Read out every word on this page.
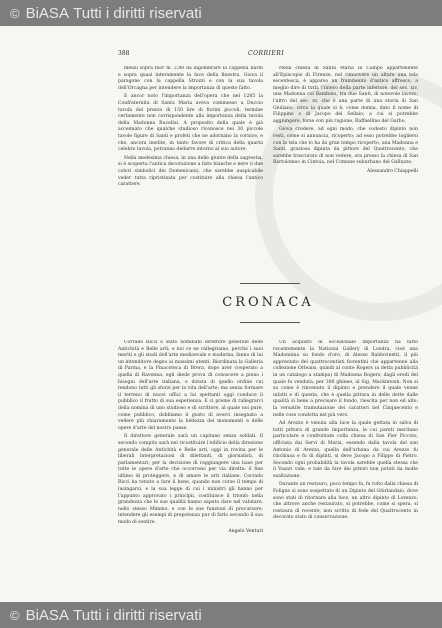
© BiASA
Tutti i diritti riservati
388	CORRIERI

menzi sopra fuor m. 2.80 da ingombrare la cappella Ilardi e sopra quasi interamente la luce della finestra. Giova il paragone con la cappella Strozzi e con la sua tavola dell'Orcagna per intendere la importanza di questo fatto.

E ancor noto l'importanza dell'opera che nel 1285 la Confraternita di Santa Maria aveva commesso a Duccio tavola del prezzo di 150 lire di fiorini piccoli, termine certamente non corrispondente alla importanza della tavola della Madonna Rucellai. A proposito della quale è già accennato che qualche studioso riconosce nei 30 piccole tavole figure di Santi e profeti che ne adornano la cornice, e che, ancora inedite, in tanto favore di critica della quarta celebre tavola, potranno dedurre intorno al suo autore.

Nella medesima chiesa, in una delle giunte della sagrestia, si è scoperta l'antica decorazione a liste bianche e nere (i due colori simbolici dei Domenicani), che sarebbe auspicabile veder tutta ripristinata per costituire alla chiesa l'antico carattere.

Nella chiesa di Santa Maria in Campo appartenente all'Episcopio di Firenze, nel rimuovere un altare una tela secentesca, è apparso un frammento d'antico affresco, a meglio dire di tutti, l'intero della parte inferiore, del sec. xiv, una Madonna col Bambino, tra due Santi, di notevole lavoro; l'altro del sec. xv, che è una parte di una storia di San Giuliano, circa la quale si è, come donna, dato il nome di Filippino o di Jacopo del Sellaio, a cui si potrebbe aggiungere, forse con più ragione, Raffaellino del Garbo.

Giova credere, ad ogni modo, che codesto dipinto non resti, come si annuncia, ricoperto; ad esso potrebbe togliersi con la tela che lo ha da gran tempo ricoperto, una Madonna e Santi, graziosa dipinta da pittore del Quattrocento, che sarebbe trascurato di non vedere, ora presso la chiesa di San Bartolomeo in Cintoia, nel Comune suburbano del Galluzzo.

Alessandro Chiappelli
CRONACA

Corrado Ricci è stato nominato direttore generale delle Antichità e Belle arti; e noi ce ne rallegriamo, perchè i suoi meriti e gli studi dell'arte medioevale e moderna, fanno di lui un intenditore degno ai massimi utenti. Riordinata la Galleria di Parma, e la Pinacoteca di Brera, dopo aver cooperato a quella di Ravenna, egli diede prova di conoscere a pieno i bisogni dell'arte italiana, e dotata di quello ordine cui tendono tutti gli sforzi per la vita dell'arte; ma senza formare il terreno di nuovi uffici a lui spettanti oggi conduce il pubblico il frutto di sua esperienza. E ci preme di rallegrarci della nomina di uno studioso e di scrittore, al quale noi pure, come pubblico, dobbiamo il gusto di averci insegnato a vedere più chiaramente la bellezza dei monumenti e delle opere d'arte del nostro paese.

Il direttore generale sarà un capitano senza soldati. Il secondo compito sarà nel ricostituire l'edificio della direzione generale delle Antichità e Belle arti, oggi in rovina per le liberali interpretazioni di dilettanti, di giornalisti, di parlamentari; per la decisione di raggiungere una base per tutte le opere d'arte che occorrono per via diretta: il fine ultimo di proteggere, e di amare le arti italiane. Corrado Ricci ha tenuto a fare il bene, quando non corse il tempo di lusingarsi, e la sua legge di cui i ministri gli hanno per l'appunto approvato i principii, costituisce il trionfo nella grandezza che le sue qualità hanno saputo dare nel valutare, nello stesso Mimmo, e con le sue funzioni di precursore, intendere gli esempi di prepotenza pur di farlo secondo il suo modo di sentire.

Angelo Venturi

Un acquisto di eccezionale importanza ha fatto recentemente la National Gallery di Londra, cioè una Madonnina su fondo d'oro, di Alesso Baldovinetti, il più apprezzato dei quattrocentisti fiorentini che appartenne alla collezione Orleans, quindi al conte Rogers (a detta pubblicità in un catalogo a stampa) di Madonna Rogers; dagli eredi del quale fu venduta, per 380 ghinee, al Sig. Mackintosh. Non si sa come è rinvenuto il dipinto e prendere il quale venne infatti e di questa, che è quella pittura in delle dette dalle qualità sì bene a precisare il fondo, riescita per non ed alto: la versatile tramutazione dei caratteri nel Cinquecento e nelle cose condotta nel più vero.

Ad Arezzo è venuta alla luce la quale gettata in salva di tutti pittura di grande importanza, le cui pareti meritano particolare e confrontate colla chiesa di San Pier Piccolo, officiata dai Servi di Maria, essendo dalla tavola del san Antonio di Arezzo, quella dell'urbana da cui Arezzo fu rinchiusa e fu di dipinti, si deve Jacopo a Filippo di Pietro. Secondo ogni probabilità la tavola sarebbe quella stessa che il Vasari vide, e tale da fare dei pittori non potuti da molte esaltazione.

Durante un restauro, poco tempo fa, fu tolto dalla chiesa di Foligno si sono sospettato di un Dipinto del Ghirlandaio, dove sono stati di ritornare alla luce, un altro dipinto di Lorenzo, che altrove anche restaurato, si potrebbe, come si spera, si restaura di recente, non scritto di fede del Quattrocento in decorato stato di conservazione.

© BiASA
Tutti i diritti riservati
